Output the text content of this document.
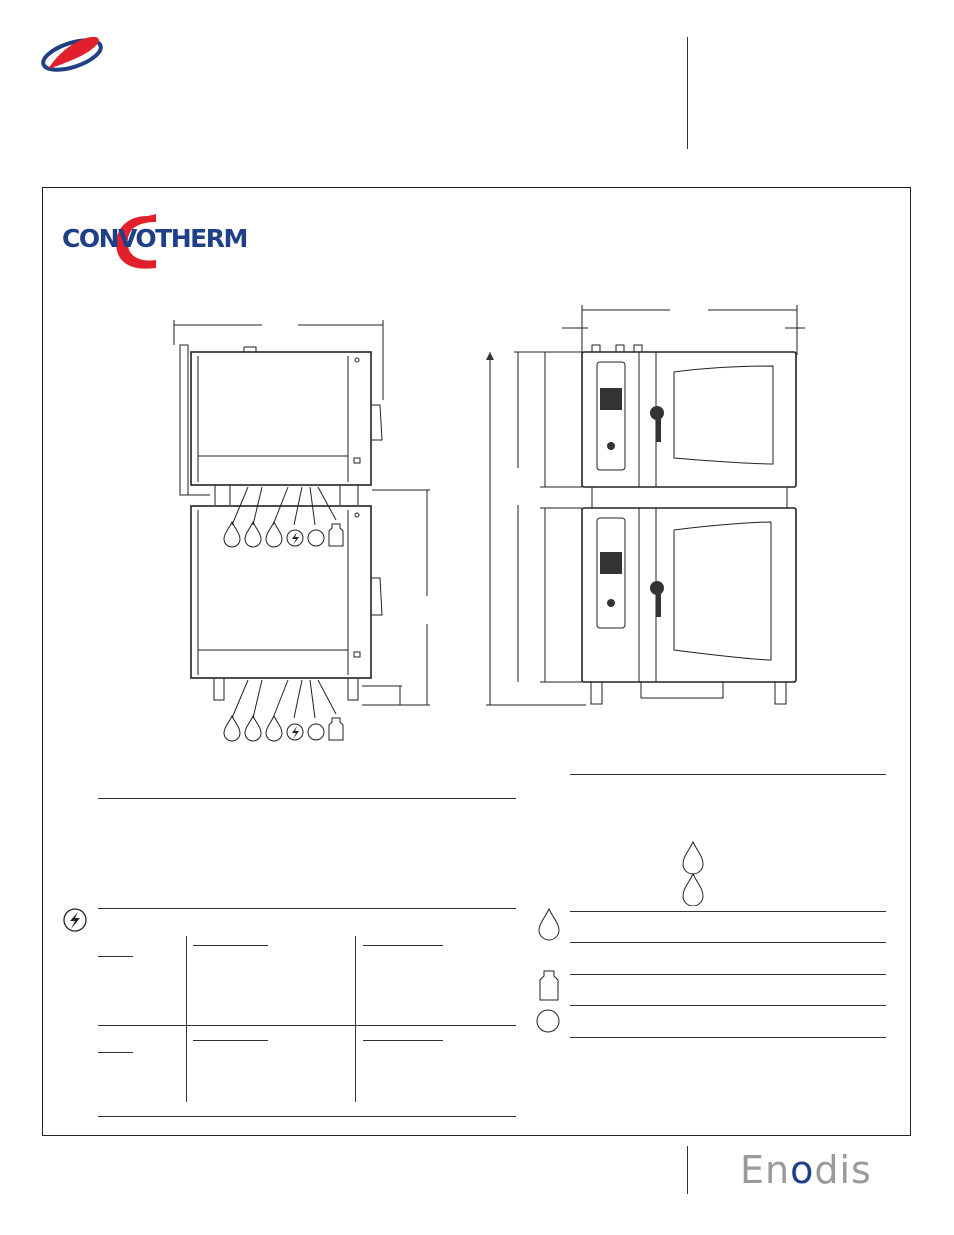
CONVOTHERM
Enodis
